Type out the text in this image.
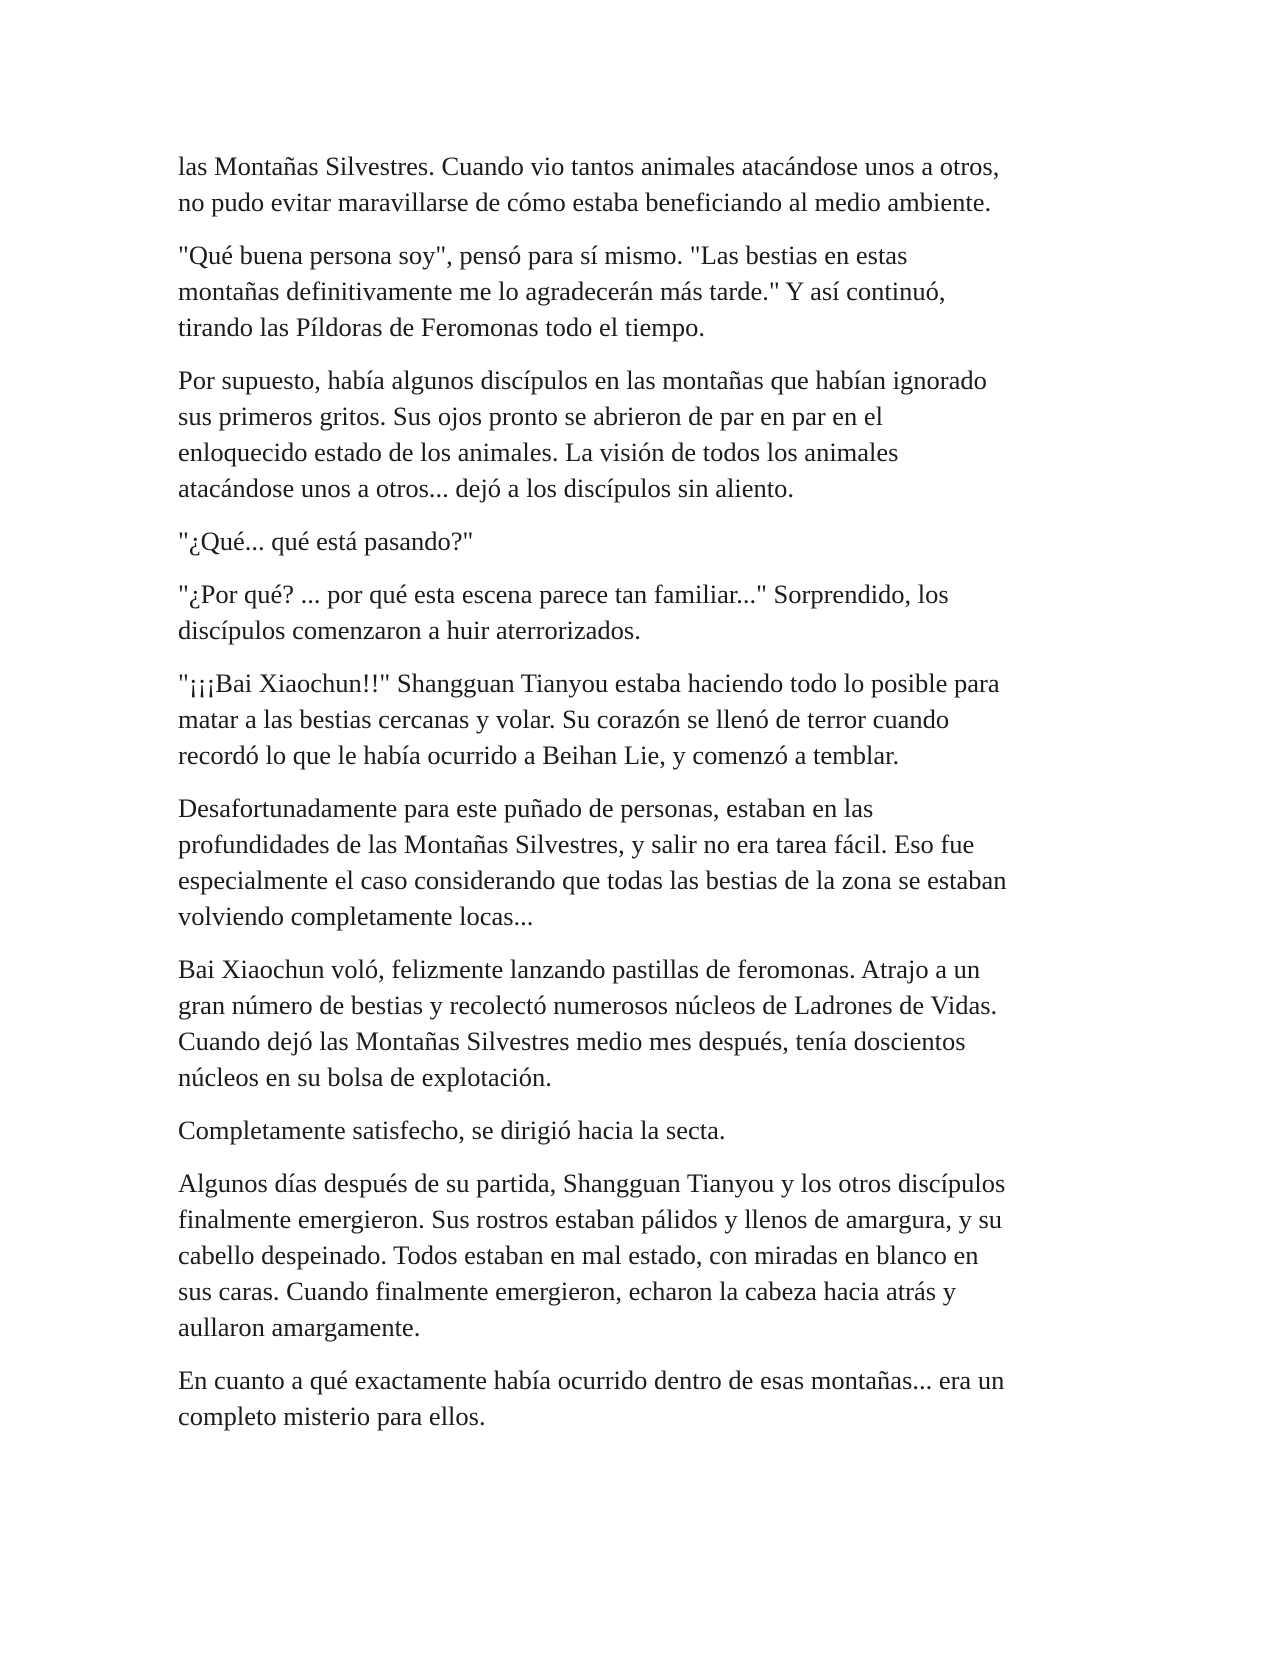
las Montañas Silvestres. Cuando vio tantos animales atacándose unos a otros,
no pudo evitar maravillarse de cómo estaba beneficiando al medio ambiente.

"Qué buena persona soy", pensó para sí mismo. "Las bestias en estas
montañas definitivamente me lo agradecerán más tarde." Y así continuó,
tirando las Píldoras de Feromonas todo el tiempo.

Por supuesto, había algunos discípulos en las montañas que habían ignorado
sus primeros gritos. Sus ojos pronto se abrieron de par en par en el
enloquecido estado de los animales. La visión de todos los animales
atacándose unos a otros... dejó a los discípulos sin aliento.

"¿Qué... qué está pasando?"

"¿Por qué? ... por qué esta escena parece tan familiar..." Sorprendido, los
discípulos comenzaron a huir aterrorizados.

"¡¡¡Bai Xiaochun!!" Shangguan Tianyou estaba haciendo todo lo posible para
matar a las bestias cercanas y volar. Su corazón se llenó de terror cuando
recordó lo que le había ocurrido a Beihan Lie, y comenzó a temblar.

Desafortunadamente para este puñado de personas, estaban en las
profundidades de las Montañas Silvestres, y salir no era tarea fácil. Eso fue
especialmente el caso considerando que todas las bestias de la zona se estaban
volviendo completamente locas...

Bai Xiaochun voló, felizmente lanzando pastillas de feromonas. Atrajo a un
gran número de bestias y recolectó numerosos núcleos de Ladrones de Vidas.
Cuando dejó las Montañas Silvestres medio mes después, tenía doscientos
núcleos en su bolsa de explotación.

Completamente satisfecho, se dirigió hacia la secta.

Algunos días después de su partida, Shangguan Tianyou y los otros discípulos
finalmente emergieron. Sus rostros estaban pálidos y llenos de amargura, y su
cabello despeinado. Todos estaban en mal estado, con miradas en blanco en
sus caras. Cuando finalmente emergieron, echaron la cabeza hacia atrás y
aullaron amargamente.

En cuanto a qué exactamente había ocurrido dentro de esas montañas... era un
completo misterio para ellos.
